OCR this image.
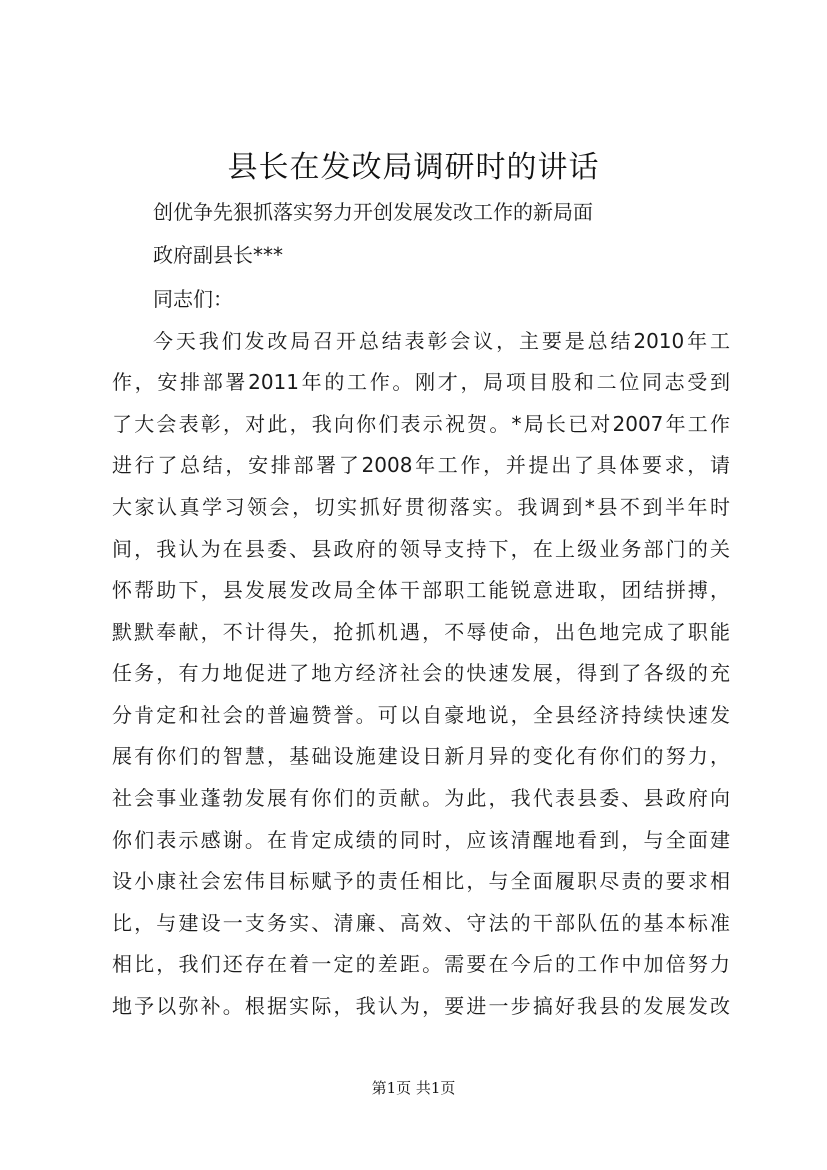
县长在发改局调研时的讲话
创优争先狠抓落实努力开创发展发改工作的新局面
政府副县长***
同志们：
今天我们发改局召开总结表彰会议，主要是总结2010年工
作，安排部署2011年的工作。刚才，局项目股和二位同志受到
了大会表彰，对此，我向你们表示祝贺。*局长已对2007年工作
进行了总结，安排部署了2008年工作，并提出了具体要求，请
大家认真学习领会，切实抓好贯彻落实。我调到*县不到半年时
间，我认为在县委、县政府的领导支持下，在上级业务部门的关
怀帮助下，县发展发改局全体干部职工能锐意进取，团结拼搏，
默默奉献，不计得失，抢抓机遇，不辱使命，出色地完成了职能
任务，有力地促进了地方经济社会的快速发展，得到了各级的充
分肯定和社会的普遍赞誉。可以自豪地说，全县经济持续快速发
展有你们的智慧，基础设施建设日新月异的变化有你们的努力，
社会事业蓬勃发展有你们的贡献。为此，我代表县委、县政府向
你们表示感谢。在肯定成绩的同时，应该清醒地看到，与全面建
设小康社会宏伟目标赋予的责任相比，与全面履职尽责的要求相
比，与建设一支务实、清廉、高效、守法的干部队伍的基本标准
相比，我们还存在着一定的差距。需要在今后的工作中加倍努力
地予以弥补。根据实际，我认为，要进一步搞好我县的发展发改
第1页 共1页
